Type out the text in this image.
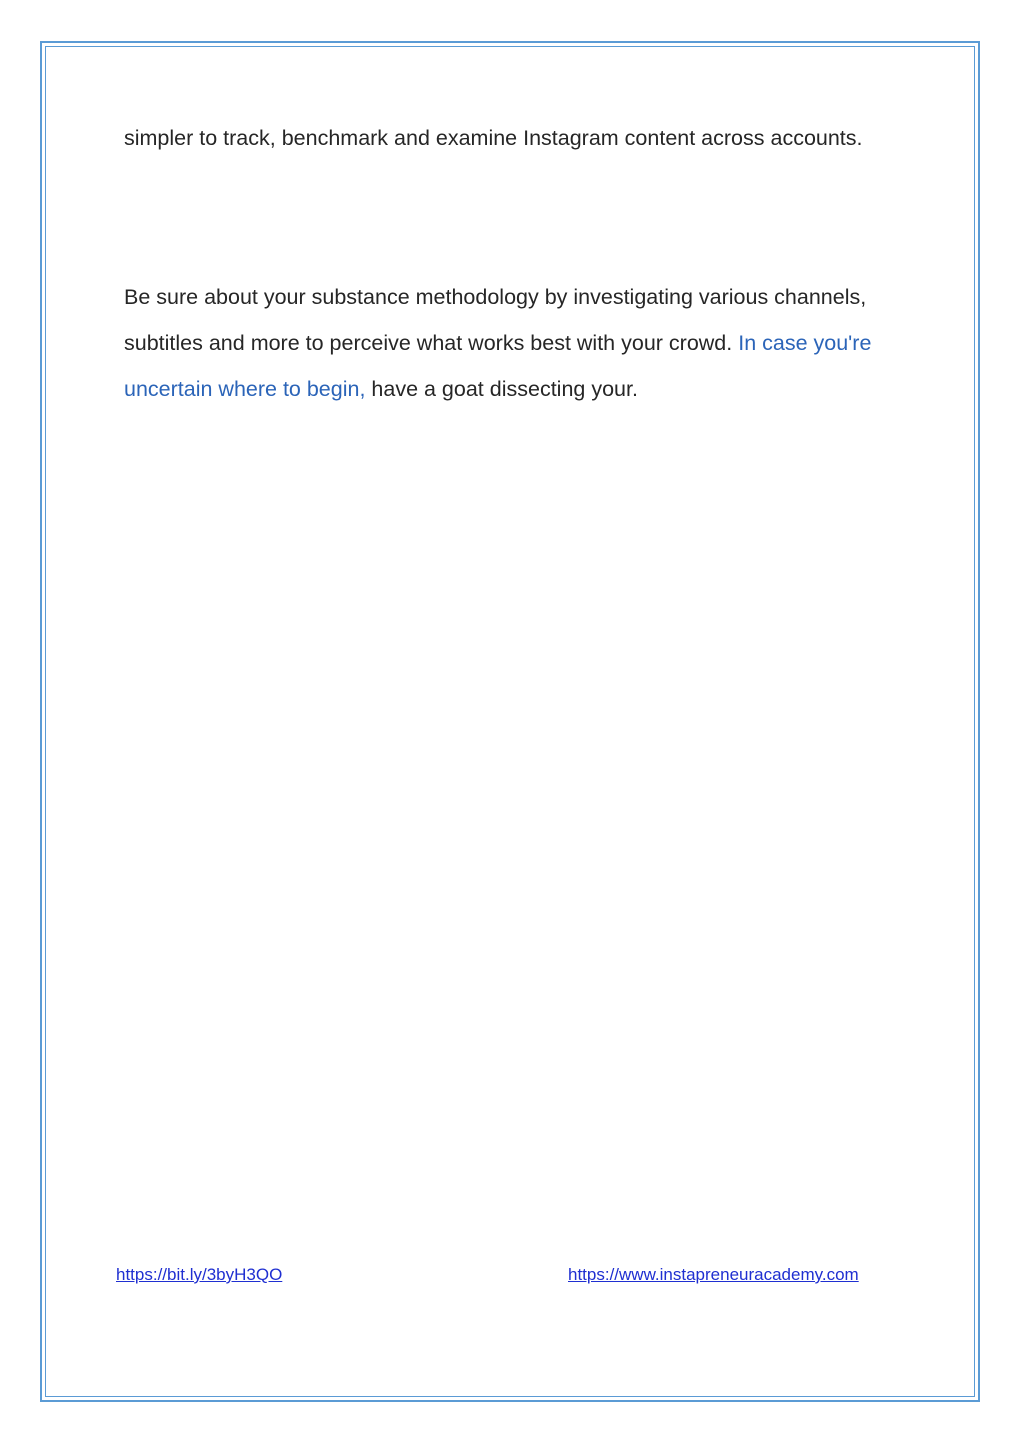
simpler to track, benchmark and examine Instagram content across accounts.

Be sure about your substance methodology by investigating various channels, subtitles and more to perceive what works best with your crowd. In case you're uncertain where to begin, have a goat dissecting your.

https://bit.ly/3byH3QO	https://www.instapreneuracademy.com
